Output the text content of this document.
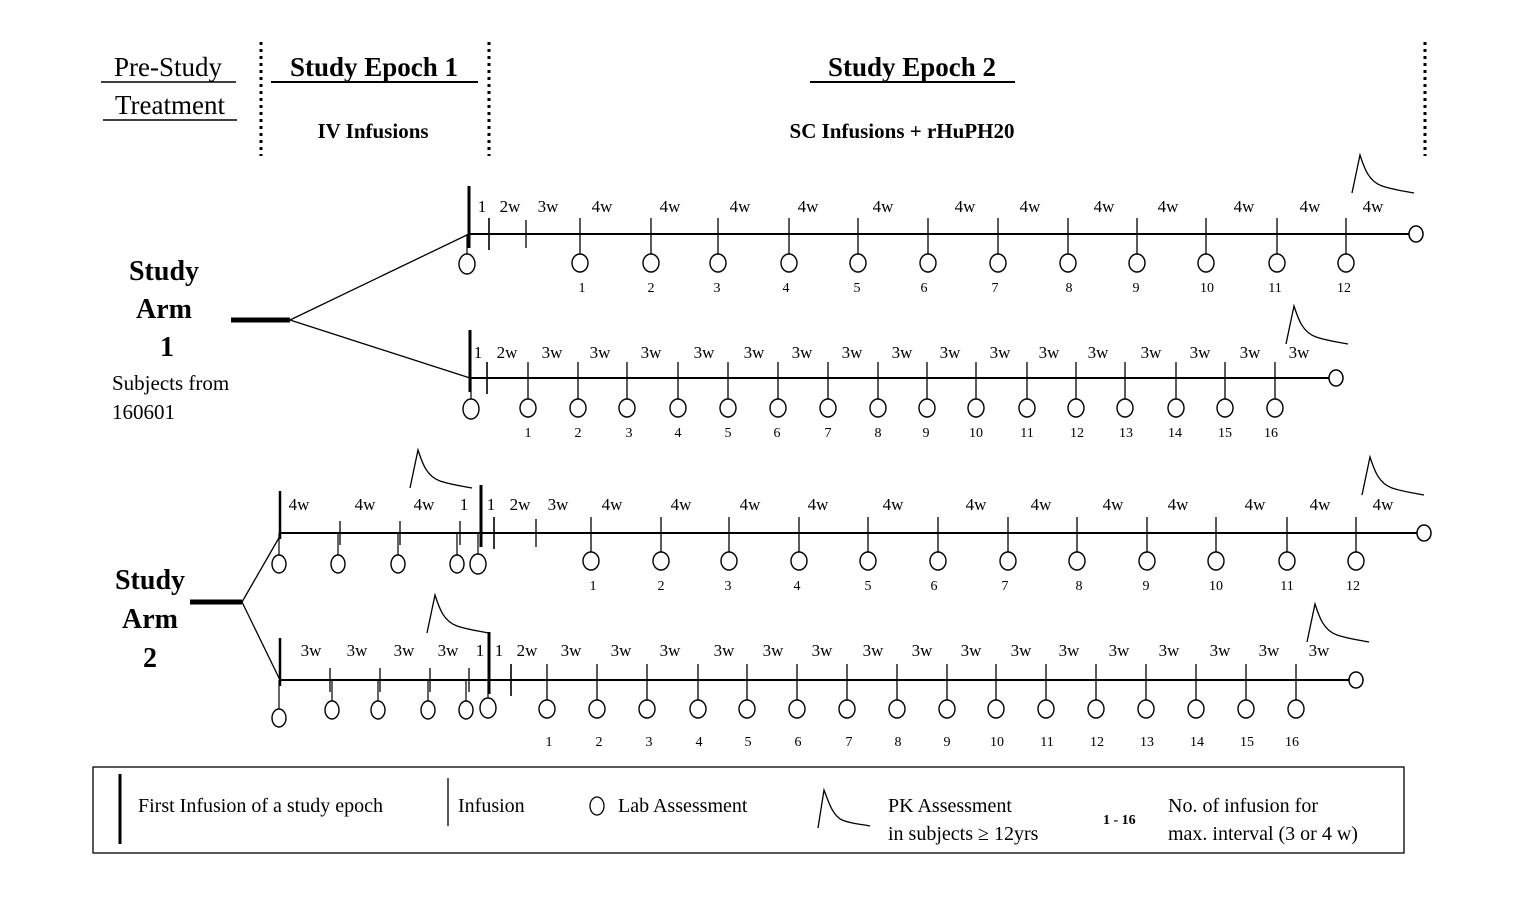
Pre-Study
Treatment
Study Epoch 1
IV Infusions
Study Epoch 2
SC Infusions + rHuPH20
Study
Arm
1
Subjects from
160601
Study
Arm
2
1	2	3	4	5	6	7	8	9	10	11	12
1 2w 3w 4w	4w	4w	4w	4w	4w	4w	4w	4w	4w	4w 4w
1	2	3	4	5	6	7	8	9	10	11	12	13	14	15 16
1 2w 3w 3w 3w 3w 3w 3w 3w 3w 3w 3w 3w 3w 3w 3w 3w 3w
4w	4w 4w 1
1	2	3	4	5	6	7	8	9	10	11	12
1 2w 3w 4w	4w	4w	4w	4w	4w	4w	4w	4w	4w	4w 4w
3w 3w 3w 3w 1
1	2	3	4	5	6	7	8	9	10	11	12	13	14	15 16
1 2w 3w 3w 3w 3w 3w 3w 3w 3w 3w 3w 3w 3w 3w 3w 3w 3w
First Infusion of a study epoch	Infusion	Lab Assessment	PK Assessment
in subjects ≥ 12yrs
1 - 16
No. of infusion for
max. interval (3 or 4 w)
